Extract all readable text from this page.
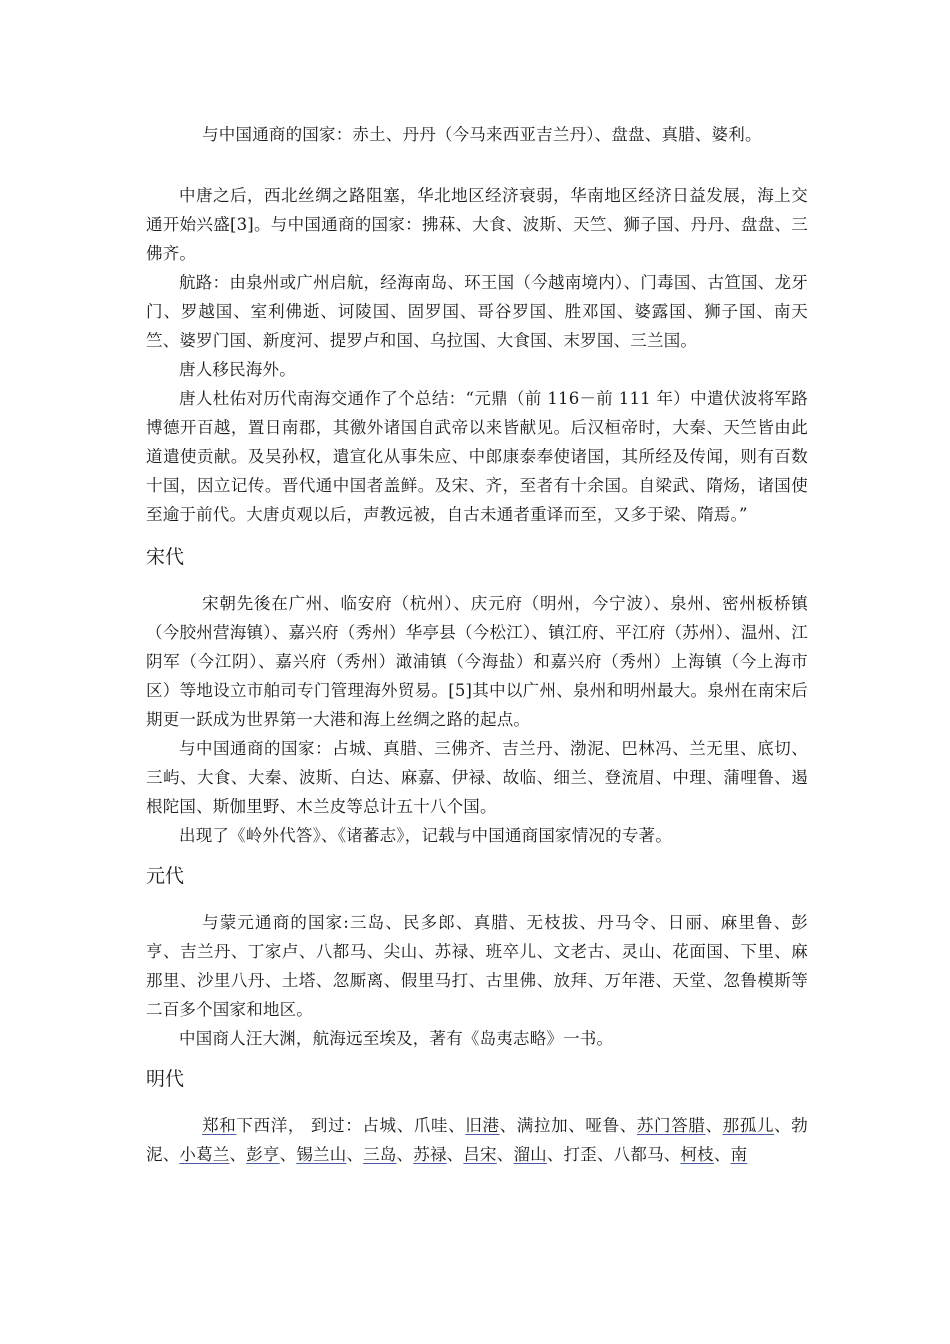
与中国通商的国家：赤土、丹丹（今马来西亚吉兰丹）、盘盘、真腊、婆利。

中唐之后，西北丝绸之路阻塞，华北地区经济衰弱，华南地区经济日益发展，海上交通开始兴盛[3]。与中国通商的国家：拂菻、大食、波斯、天竺、狮子国、丹丹、盘盘、三佛齐。

航路：由泉州或广州启航，经海南岛、环王国（今越南境内）、门毒国、古笪国、龙牙门、罗越国、室利佛逝、诃陵国、固罗国、哥谷罗国、胜邓国、婆露国、狮子国、南天竺、婆罗门国、新度河、提罗卢和国、乌拉国、大食国、末罗国、三兰国。

唐人移民海外。

唐人杜佑对历代南海交通作了个总结：“元鼎（前 116－前 111 年）中遣伏波将军路博德开百越，置日南郡，其徼外诸国自武帝以来皆献见。后汉桓帝时，大秦、天竺皆由此道遣使贡献。及吴孙权，遣宣化从事朱应、中郎康泰奉使诸国，其所经及传闻，则有百数十国，因立记传。晋代通中国者盖鲜。及宋、齐，至者有十余国。自梁武、隋炀，诸国使至逾于前代。大唐贞观以后，声教远被，自古未通者重译而至，又多于梁、隋焉。”

宋代

宋朝先後在广州、临安府（杭州）、庆元府（明州，今宁波）、泉州、密州板桥镇（今胶州营海镇）、嘉兴府（秀州）华亭县（今松江）、镇江府、平江府（苏州）、温州、江阴军（今江阴）、嘉兴府（秀州）澉浦镇（今海盐）和嘉兴府（秀州）上海镇（今上海市区）等地设立市舶司专门管理海外贸易。[5]其中以广州、泉州和明州最大。泉州在南宋后期更一跃成为世界第一大港和海上丝绸之路的起点。

与中国通商的国家：占城、真腊、三佛齐、吉兰丹、渤泥、巴林冯、兰无里、底切、三屿、大食、大秦、波斯、白达、麻嘉、伊禄、故临、细兰、登流眉、中理、蒲哩鲁、遏根陀国、斯伽里野、木兰皮等总计五十八个国。

出现了《岭外代答》、《诸蕃志》，记载与中国通商国家情况的专著。

元代

与蒙元通商的国家:三岛、民多郎、真腊、无枝拔、丹马令、日丽、麻里鲁、彭亨、吉兰丹、丁家卢、八都马、尖山、苏禄、班卒儿、文老古、灵山、花面国、下里、麻那里、沙里八丹、土塔、忽厮离、假里马打、古里佛、放拜、万年港、天堂、忽鲁模斯等二百多个国家和地区。

中国商人汪大渊，航海远至埃及，著有《岛夷志略》一书。

明代

郑和下西洋， 到过：占城、爪哇、旧港、满拉加、哑鲁、苏门答腊、那孤儿、勃泥、小葛兰、彭亨、锡兰山、三岛、苏禄、吕宋、溜山、打歪、八都马、柯枝、南
